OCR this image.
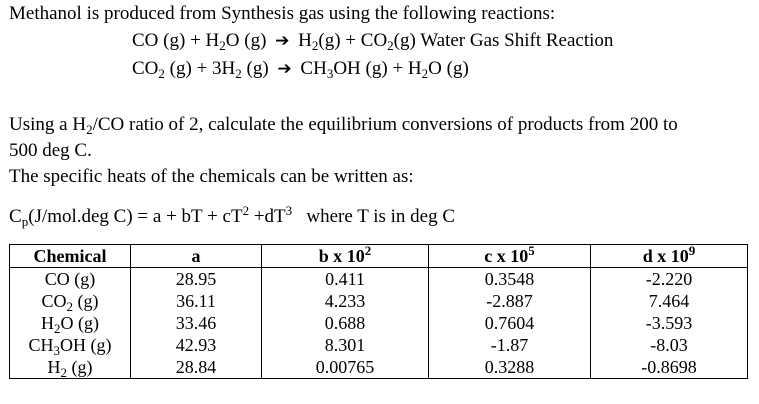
Methanol is produced from Synthesis gas using the following reactions:
CO $(g) + H_2O$ (g) ➔ $H_2(g) + CO_2(g)$ Water Gas Shift Reaction
$CO_2$ $(g) + 3H_2$ (g) ➔ $CH_3OH$ $(g) + H_2O$ (g)
Using a $H_2/CO$ ratio of 2, calculate the equilibrium conversions of products from 200 to
500 deg C.
The specific heats of the chemicals can be written as:
$C_p(J/mol.deg$ C) = a + bT + $cT^2 +dT^3$   where T is in deg C
Chemical	a	b x $10^2$	c x $10^5$	d x $10^9$
CO (g)	28.95	0.411	0.3548	-2.220
$CO_2$ (g)	36.11	4.233	-2.887	7.464
$H_2O$ (g)	33.46	0.688	0.7604	-3.593
$CH_3OH$ (g)	42.93	8.301	-1.87	-8.03
$H_2$ (g)	28.84	0.00765	0.3288	-0.8698
